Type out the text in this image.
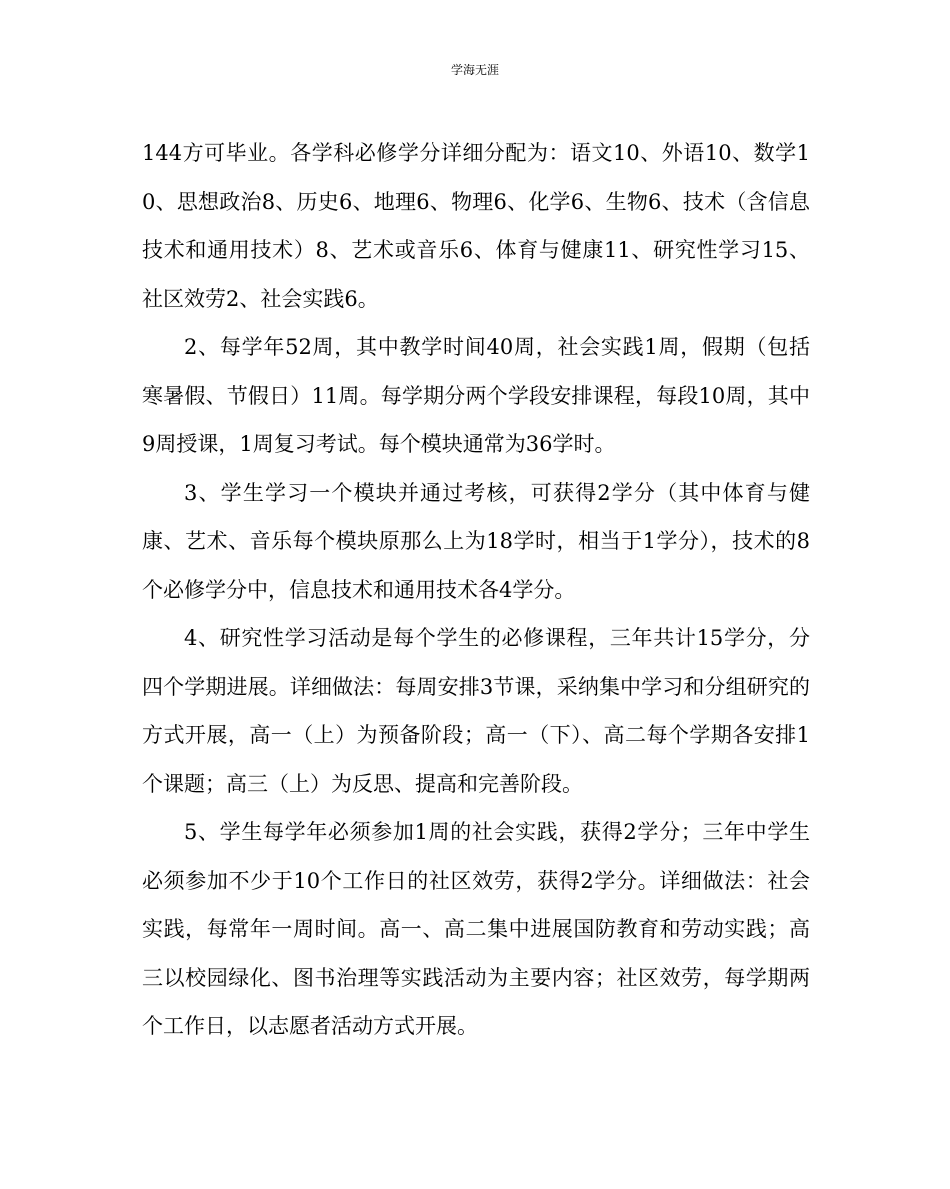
学海无涯

144方可毕业。各学科必修学分详细分配为：语文10、外语10、数学10、思想政治8、历史6、地理6、物理6、化学6、生物6、技术（含信息技术和通用技术）8、艺术或音乐6、体育与健康11、研究性学习15、社区效劳2、社会实践6。

2、每学年52周，其中教学时间40周，社会实践1周，假期（包括寒暑假、节假日）11周。每学期分两个学段安排课程，每段10周，其中9周授课，1周复习考试。每个模块通常为36学时。

3、学生学习一个模块并通过考核，可获得2学分（其中体育与健康、艺术、音乐每个模块原那么上为18学时，相当于1学分），技术的8个必修学分中，信息技术和通用技术各4学分。

4、研究性学习活动是每个学生的必修课程，三年共计15学分，分四个学期进展。详细做法：每周安排3节课，采纳集中学习和分组研究的方式开展，高一（上）为预备阶段；高一（下）、高二每个学期各安排1个课题；高三（上）为反思、提高和完善阶段。

5、学生每学年必须参加1周的社会实践，获得2学分；三年中学生必须参加不少于10个工作日的社区效劳，获得2学分。详细做法：社会实践，每常年一周时间。高一、高二集中进展国防教育和劳动实践；高三以校园绿化、图书治理等实践活动为主要内容；社区效劳，每学期两个工作日，以志愿者活动方式开展。
